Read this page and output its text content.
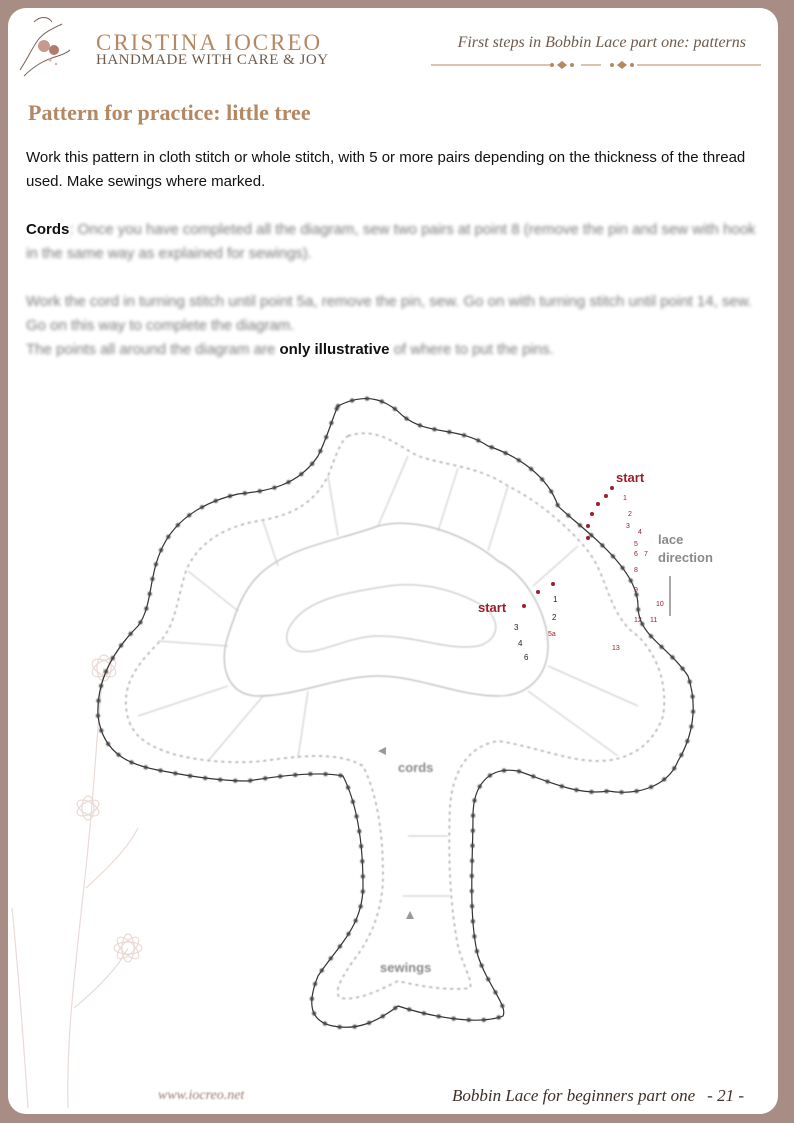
CRISTINA IOCREO
HANDMADE WITH CARE & JOY
First steps in Bobbin Lace part one: patterns
Pattern for practice: little tree

Work this pattern in cloth stitch or whole stitch, with 5 or more pairs depending on the thickness of the thread used. Make sewings where marked.

Cords: Once you have completed all the diagram, sew two pairs at point 8 (remove the pin and sew with hook in the same way as explained for sewings).

Work the cord in turning stitch until point 5a, remove the pin, sew. Go on with turning stitch until point 14, sew. Go on this way to complete the diagram.
The points all around the diagram are only illustrative of where to put the pins.

start
start
lace direction
cords
sewings
1
2
3
4
5
6 7
8
9
10
11
12
13
1
2
3
4
5a
6
www.iocreo.net	Bobbin Lace for beginners part one - 21 -
